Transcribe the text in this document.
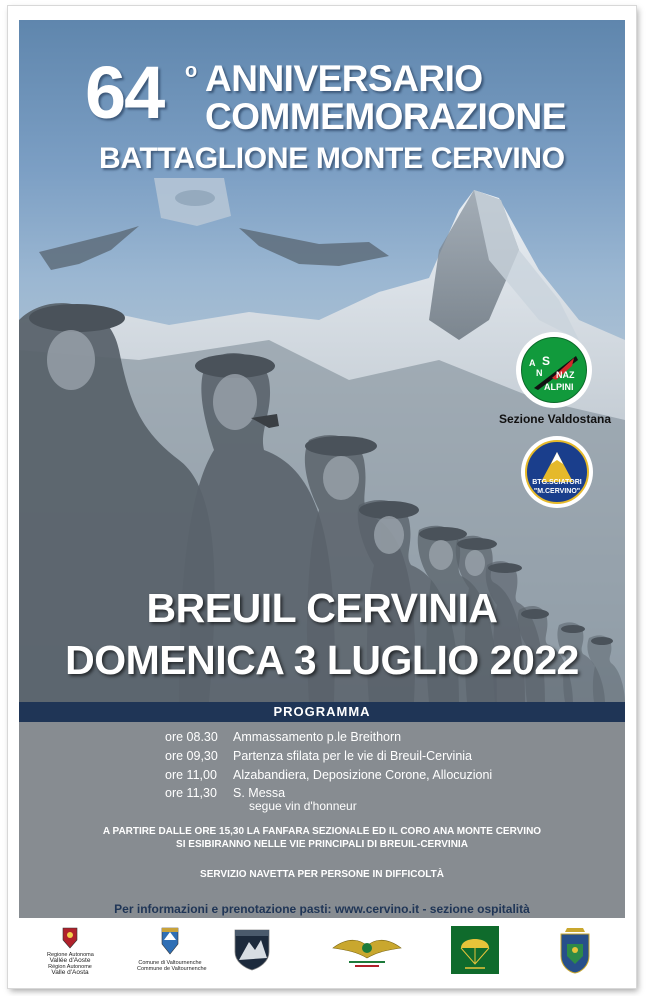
64 o ANNIVERSARIO
COMMEMORAZIONE
BATTAGLIONE MONTE CERVINO
A
N
S
NAZ
ALPINI
Sezione Valdostana
BTG.SCIATORI "M.CERVINO"
BREUIL CERVINIA
DOMENICA 3 LUGLIO 2022
PROGRAMMA
ore 08.30 Ammassamento p.le Breithorn
ore 09,30 Partenza sfilata per le vie di Breuil-Cervinia
ore 11,00 Alzabandiera, Deposizione Corone, Allocuzioni
ore 11,30 S. Messa
segue vin d'honneur
A PARTIRE DALLE ORE 15,30 LA FANFARA SEZIONALE ED IL CORO ANA MONTE CERVINO
SI ESIBIRANNO NELLE VIE PRINCIPALI DI BREUIL-CERVINIA
SERVIZIO NAVETTA PER PERSONE IN DIFFICOLTÀ
Per informazioni e prenotazione pasti: www.cervino.it - sezione ospitalità
Regione Autonoma
Vallée d'Aoste
Région Autonome
Valle d'Aosta
Comune di Valtournenche
Commune de Valtournenche
